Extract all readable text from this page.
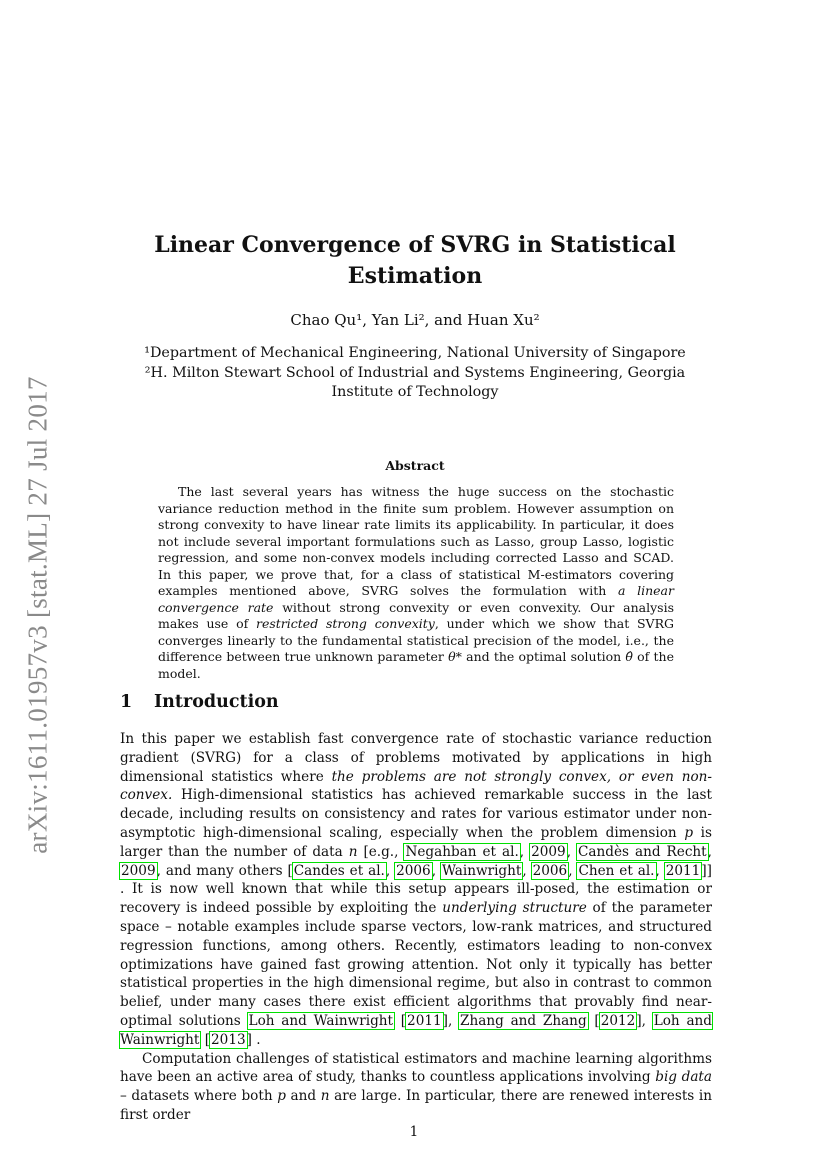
arXiv:1611.01957v3 [stat.ML] 27 Jul 2017
Linear Convergence of SVRG in Statistical Estimation
Chao Qu¹, Yan Li², and Huan Xu²
¹Department of Mechanical Engineering, National University of Singapore
²H. Milton Stewart School of Industrial and Systems Engineering, Georgia Institute of Technology
Abstract

The last several years has witness the huge success on the stochastic variance reduction method in the finite sum problem. However assumption on strong convexity to have linear rate limits its applicability. In particular, it does not include several important formulations such as Lasso, group Lasso, logistic regression, and some non-convex models including corrected Lasso and SCAD. In this paper, we prove that, for a class of statistical M-estimators covering examples mentioned above, SVRG solves the formulation with a linear convergence rate without strong convexity or even convexity. Our analysis makes use of restricted strong convexity, under which we show that SVRG converges linearly to the fundamental statistical precision of the model, i.e., the difference between true unknown parameter θ* and the optimal solution θ̂ of the model.

1 Introduction

In this paper we establish fast convergence rate of stochastic variance reduction gradient (SVRG) for a class of problems motivated by applications in high dimensional statistics where the problems are not strongly convex, or even non-convex. High-dimensional statistics has achieved remarkable success in the last decade, including results on consistency and rates for various estimator under non-asymptotic high-dimensional scaling, especially when the problem dimension p is larger than the number of data n [e.g., Negahban et al., 2009, Candès and Recht, 2009, and many others [Candes et al., 2006, Wainwright, 2006, Chen et al., 2011]] . It is now well known that while this setup appears ill-posed, the estimation or recovery is indeed possible by exploiting the underlying structure of the parameter space – notable examples include sparse vectors, low-rank matrices, and structured regression functions, among others. Recently, estimators leading to non-convex optimizations have gained fast growing attention. Not only it typically has better statistical properties in the high dimensional regime, but also in contrast to common belief, under many cases there exist efficient algorithms that provably find near-optimal solutions Loh and Wainwright [2011], Zhang and Zhang [2012], Loh and Wainwright [2013] .

Computation challenges of statistical estimators and machine learning algorithms have been an active area of study, thanks to countless applications involving big data – datasets where both p and n are large. In particular, there are renewed interests in first order

1
